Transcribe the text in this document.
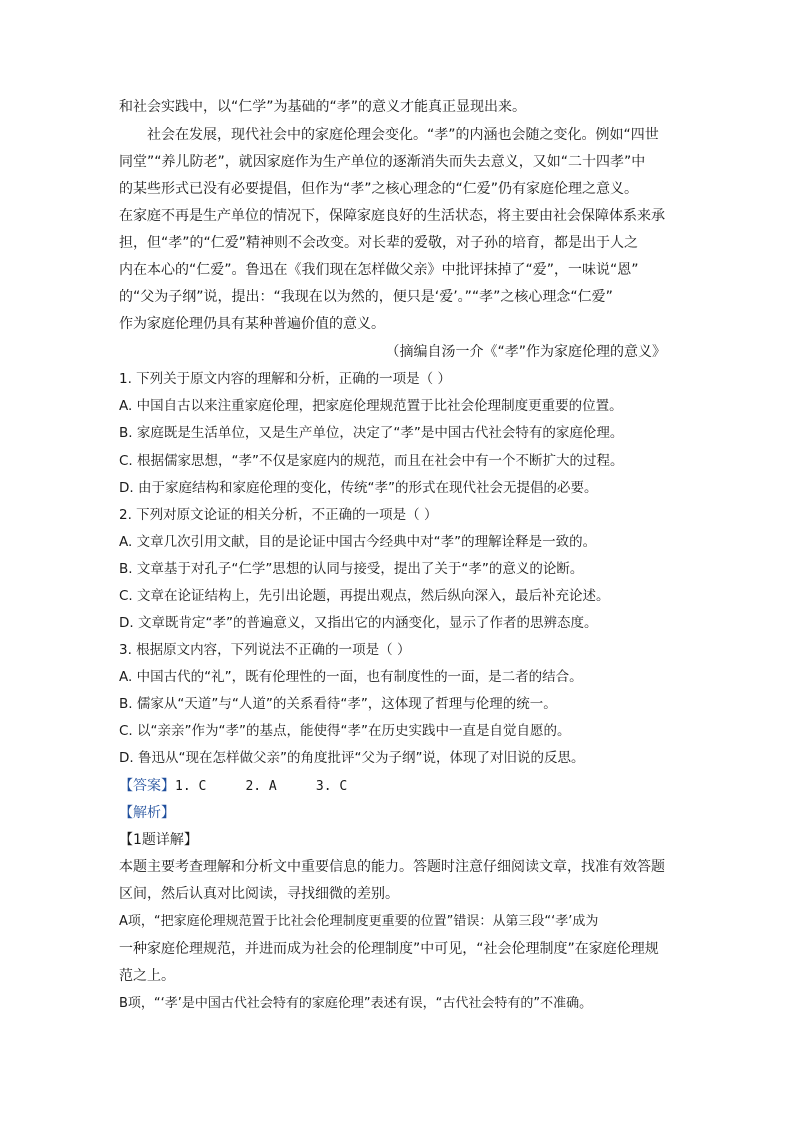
和社会实践中，以“仁学”为基础的“孝”的意义才能真正显现出来。
社会在发展，现代社会中的家庭伦理会变化。“孝”的内涵也会随之变化。例如“四世
同堂”“养儿防老”，就因家庭作为生产单位的逐渐消失而失去意义，又如“二十四孝”中
的某些形式已没有必要提倡，但作为“孝”之核心理念的“仁爱”仍有家庭伦理之意义。
在家庭不再是生产单位的情况下，保障家庭良好的生活状态，将主要由社会保障体系来承
担，但“孝”的“仁爱”精神则不会改变。对长辈的爱敬，对子孙的培育，都是出于人之
内在本心的“仁爱”。鲁迅在《我们现在怎样做父亲》中批评抹掉了“爱”，一味说“恩”
的“父为子纲”说，提出：“我现在以为然的，便只是‘爱’。”“孝”之核心理念“仁爱”
作为家庭伦理仍具有某种普遍价值的意义。
（摘编自汤一介《“孝”作为家庭伦理的意义》
1. 下列关于原文内容的理解和分析，正确的一项是（ ）
A. 中国自古以来注重家庭伦理，把家庭伦理规范置于比社会伦理制度更重要的位置。
B. 家庭既是生活单位，又是生产单位，决定了“孝”是中国古代社会特有的家庭伦理。
C. 根据儒家思想，“孝”不仅是家庭内的规范，而且在社会中有一个不断扩大的过程。
D. 由于家庭结构和家庭伦理的变化，传统“孝”的形式在现代社会无提倡的必要。
2. 下列对原文论证的相关分析，不正确的一项是（ ）
A. 文章几次引用文献，目的是论证中国古今经典中对“孝”的理解诠释是一致的。
B. 文章基于对孔子“仁学”思想的认同与接受，提出了关于“孝”的意义的论断。
C. 文章在论证结构上，先引出论题，再提出观点，然后纵向深入，最后补充论述。
D. 文章既肯定“孝”的普遍意义，又指出它的内涵变化，显示了作者的思辨态度。
3. 根据原文内容，下列说法不正确的一项是（ ）
A. 中国古代的“礼”，既有伦理性的一面，也有制度性的一面，是二者的结合。
B. 儒家从“天道”与“人道”的关系看待“孝”，这体现了哲理与伦理的统一。
C. 以“亲亲”作为“孝”的基点，能使得“孝”在历史实践中一直是自觉自愿的。
D. 鲁迅从“现在怎样做父亲”的角度批评“父为子纲”说，体现了对旧说的反思。
【答案】1. C     2. A     3. C
【解析】
【1题详解】
本题主要考查理解和分析文中重要信息的能力。答题时注意仔细阅读文章，找准有效答题
区间，然后认真对比阅读，寻找细微的差别。
A项，“把家庭伦理规范置于比社会伦理制度更重要的位置”错误：从第三段“‘孝’成为
一种家庭伦理规范，并进而成为社会的伦理制度”中可见，“社会伦理制度”在家庭伦理规
范之上。
B项，“‘孝’是中国古代社会特有的家庭伦理”表述有误，“古代社会特有的”不准确。
